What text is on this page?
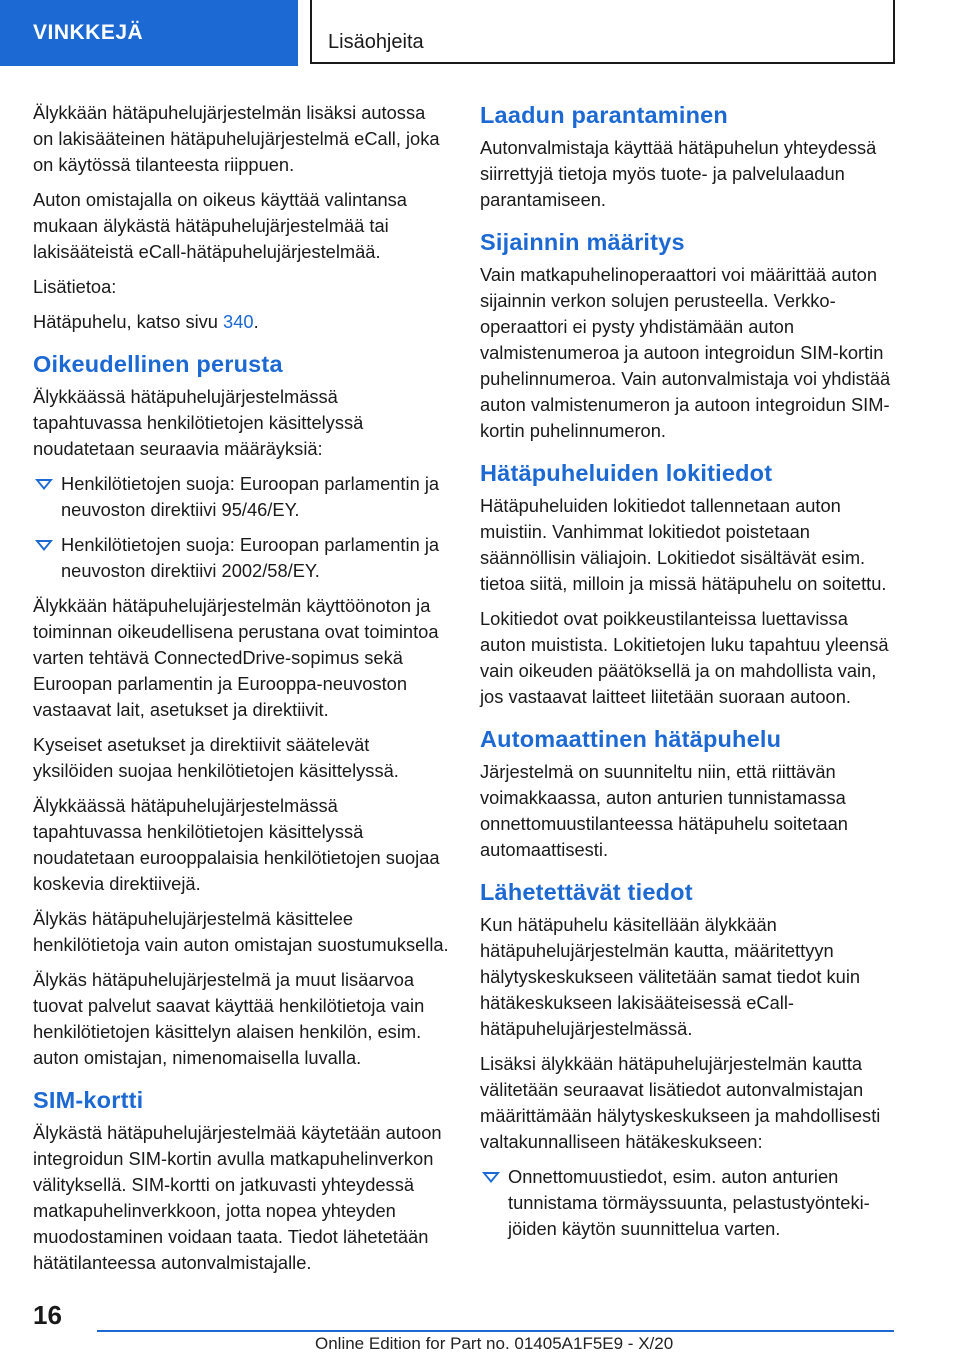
VINKKEJÄ	Lisäohjeita

Älykkään hätäpuhelujärjestelmän lisäksi autossa on lakisääteinen hätäpuhelujärjestelmä eCall, joka on käytössä tilanteesta riippuen.

Auton omistajalla on oikeus käyttää valintansa mukaan älykästä hätäpuhelujärjestelmää tai lakisääteistä eCall-hätäpuhelujärjestelmää.

Lisätietoa:

Hätäpuhelu, katso sivu 340.

Oikeudellinen perusta

Älykkäässä hätäpuhelujärjestelmässä tapahtuvassa henkilötietojen käsittelyssä noudatetaan seuraavia määräyksiä:

Henkilötietojen suoja: Euroopan parlamentin ja neuvoston direktiivi 95/46/EY.
Henkilötietojen suoja: Euroopan parlamentin ja neuvoston direktiivi 2002/58/EY.

Älykkään hätäpuhelujärjestelmän käyttöönoton ja toiminnan oikeudellisena perustana ovat toimintoa varten tehtävä ConnectedDrive-sopimus sekä Euroopan parlamentin ja Eurooppa-neuvoston vastaavat lait, asetukset ja direktiivit.

Kyseiset asetukset ja direktiivit säätelevät yksilöiden suojaa henkilötietojen käsittelyssä.

Älykkäässä hätäpuhelujärjestelmässä tapahtuvassa henkilötietojen käsittelyssä noudatetaan eurooppalaisia henkilötietojen suojaa koskevia direktiivejä.

Älykäs hätäpuhelujärjestelmä käsittelee henkilötietoja vain auton omistajan suostumuksella.

Älykäs hätäpuhelujärjestelmä ja muut lisäarvoa tuovat palvelut saavat käyttää henkilötietoja vain henkilötietojen käsittelyn alaisen henkilön, esim. auton omistajan, nimenomaisella luvalla.

SIM-kortti

Älykästä hätäpuhelujärjestelmää käytetään autoon integroidun SIM-kortin avulla matkapuhelinverkon välityksellä. SIM-kortti on jatkuvasti yhteydessä matkapuhelinverkkoon, jotta nopea yhteyden muodostaminen voidaan taata. Tiedot lähetetään hätätilanteessa autonvalmistajalle.

Laadun parantaminen

Autonvalmistaja käyttää hätäpuhelun yhteydessä siirrettyjä tietoja myös tuote- ja palvelulaadun parantamiseen.

Sijainnin määritys

Vain matkapuhelinoperaattori voi määrittää auton sijainnin verkon solujen perusteella. Verkko-operaattori ei pysty yhdistämään auton valmistenumeroa ja autoon integroidun SIM-kortin puhelinnumeroa. Vain autonvalmistaja voi yhdistää auton valmistenumeron ja autoon integroidun SIM-kortin puhelinnumeron.

Hätäpuheluiden lokitiedot

Hätäpuheluiden lokitiedot tallennetaan auton muistiin. Vanhimmat lokitiedot poistetaan säännöllisin väliajoin. Lokitiedot sisältävät esim. tietoa siitä, milloin ja missä hätäpuhelu on soitettu.

Lokitiedot ovat poikkeustilanteissa luettavissa auton muistista. Lokitietojen luku tapahtuu yleensä vain oikeuden päätöksellä ja on mahdollista vain, jos vastaavat laitteet liitetään suoraan autoon.

Automaattinen hätäpuhelu

Järjestelmä on suunniteltu niin, että riittävän voimakkaassa, auton anturien tunnistamassa onnettomuustilanteessa hätäpuhelu soitetaan automaattisesti.

Lähetettävät tiedot

Kun hätäpuhelu käsitellään älykkään hätäpuhelujärjestelmän kautta, määritettyyn hälytyskeskukseen välitetään samat tiedot kuin hätäkeskukseen lakisääteisessä eCall-hätäpuhelujärjestelmässä.

Lisäksi älykkään hätäpuhelujärjestelmän kautta välitetään seuraavat lisätiedot autonvalmistajan määrittämään hälytyskeskukseen ja mahdollisesti valtakunnalliseen hätäkeskukseen:

Onnettomuustiedot, esim. auton anturien tunnistama törmäyssuunta, pelastustyöntekijöiden käytön suunnittelua varten.
16
Online Edition for Part no. 01405A1F5E9 - X/20
